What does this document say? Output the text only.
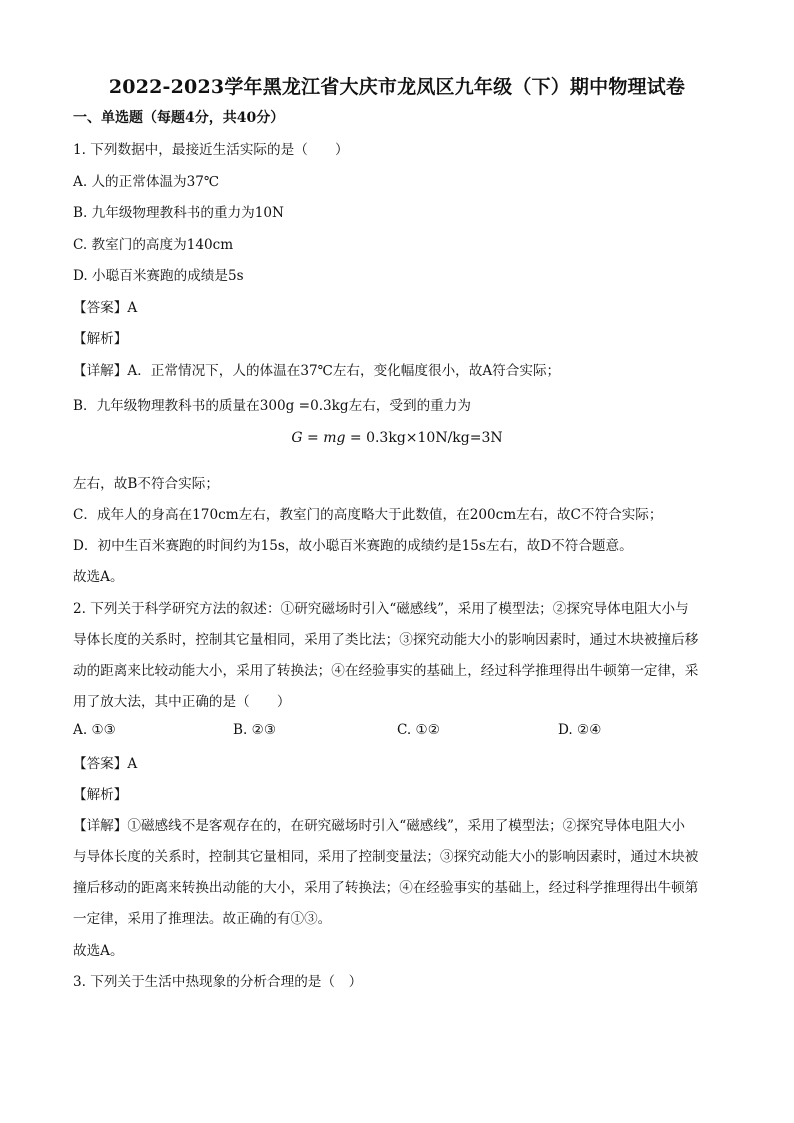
2022-2023学年黑龙江省大庆市龙凤区九年级（下）期中物理试卷
一、单选题（每题4分，共40分）
1. 下列数据中，最接近生活实际的是（　　）
A. 人的正常体温为37℃
B. 九年级物理教科书的重力为10N
C. 教室门的高度为140cm
D. 小聪百米赛跑的成绩是5s
【答案】A
【解析】
【详解】A．正常情况下，人的体温在37℃左右，变化幅度很小，故A符合实际；
B．九年级物理教科书的质量在300g =0.3kg左右，受到的重力为
G = mg = 0.3kg×10N/kg=3N
左右，故B不符合实际；
C．成年人的身高在170cm左右，教室门的高度略大于此数值，在200cm左右，故C不符合实际；
D．初中生百米赛跑的时间约为15s，故小聪百米赛跑的成绩约是15s左右，故D不符合题意。
故选A。
2. 下列关于科学研究方法的叙述：①研究磁场时引入“磁感线”，采用了模型法；②探究导体电阻大小与
导体长度的关系时，控制其它量相同，采用了类比法；③探究动能大小的影响因素时，通过木块被撞后移
动的距离来比较动能大小，采用了转换法；④在经验事实的基础上，经过科学推理得出牛顿第一定律，采
用了放大法，其中正确的是（　　）
A. ①③	B. ②③	C. ①②	D. ②④
【答案】A
【解析】
【详解】①磁感线不是客观存在的，在研究磁场时引入“磁感线”，采用了模型法；②探究导体电阻大小
与导体长度的关系时，控制其它量相同，采用了控制变量法；③探究动能大小的影响因素时，通过木块被
撞后移动的距离来转换出动能的大小，采用了转换法；④在经验事实的基础上，经过科学推理得出牛顿第
一定律，采用了推理法。故正确的有①③。
故选A。
3. 下列关于生活中热现象的分析合理的是（　）
